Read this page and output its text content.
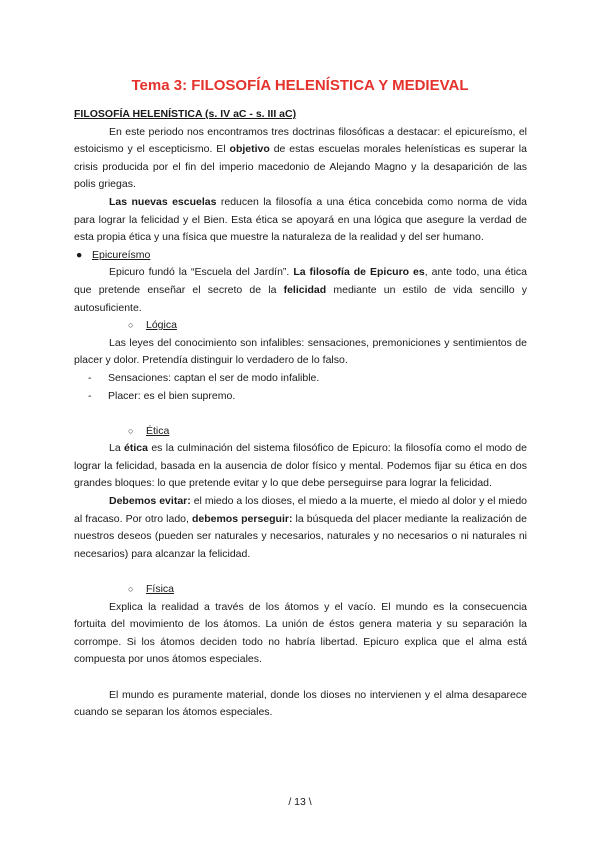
Tema 3: FILOSOFÍA HELENÍSTICA Y MEDIEVAL

FILOSOFÍA HELENÍSTICA (s. IV aC - s. III aC)

En este periodo nos encontramos tres doctrinas filosóficas a destacar: el epicureísmo, el estoicismo y el escepticismo. El objetivo de estas escuelas morales helenísticas es superar la crisis producida por el fin del imperio macedonio de Alejando Magno y la desaparición de las polis griegas.

Las nuevas escuelas reducen la filosofía a una ética concebida como norma de vida para lograr la felicidad y el Bien. Esta ética se apoyará en una lógica que asegure la verdad de esta propia ética y una física que muestre la naturaleza de la realidad y del ser humano.

● Epicureísmo

Epicuro fundó la “Escuela del Jardín”. La filosofía de Epicuro es, ante todo, una ética que pretende enseñar el secreto de la felicidad mediante un estilo de vida sencillo y autosuficiente.

○	Lógica

Las leyes del conocimiento son infalibles: sensaciones, premoniciones y sentimientos de placer y dolor. Pretendía distinguir lo verdadero de lo falso.

-	Sensaciones: captan el ser de modo infalible.
-	Placer: es el bien supremo.
○	Ética

La ética es la culminación del sistema filosófico de Epicuro: la filosofía como el modo de lograr la felicidad, basada en la ausencia de dolor físico y mental. Podemos fijar su ética en dos grandes bloques: lo que pretende evitar y lo que debe perseguirse para lograr la felicidad.

Debemos evitar: el miedo a los dioses, el miedo a la muerte, el miedo al dolor y el miedo al fracaso. Por otro lado, debemos perseguir: la búsqueda del placer mediante la realización de nuestros deseos (pueden ser naturales y necesarios, naturales y no necesarios o ni naturales ni necesarios) para alcanzar la felicidad.

○	Física

Explica la realidad a través de los átomos y el vacío. El mundo es la consecuencia fortuita del movimiento de los átomos. La unión de éstos genera materia y su separación la corrompe. Si los átomos deciden todo no habría libertad. Epicuro explica que el alma está compuesta por unos átomos especiales.

El mundo es puramente material, donde los dioses no intervienen y el alma desaparece cuando se separan los átomos especiales.

/ 13 \
